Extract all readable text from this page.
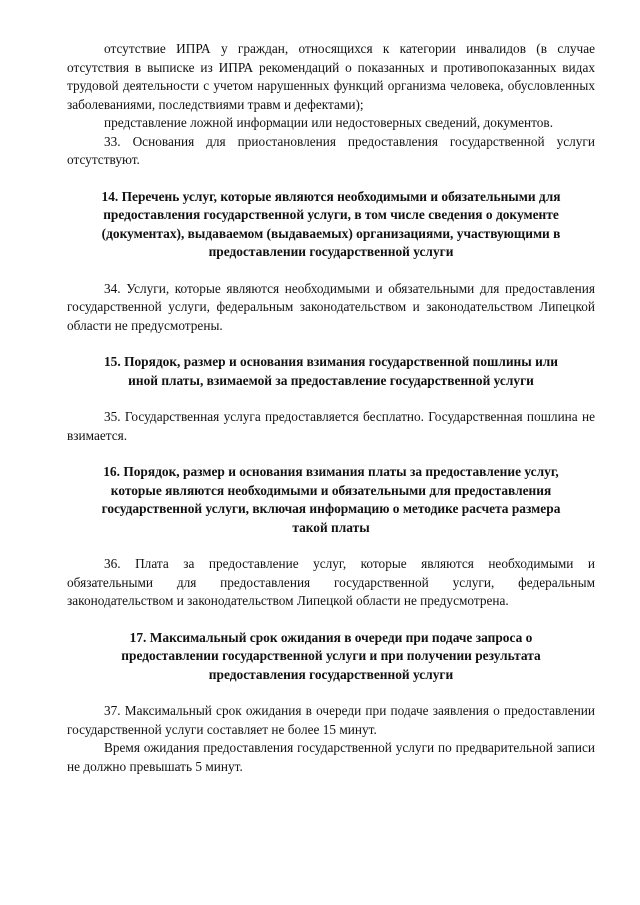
отсутствие ИПРА у граждан, относящихся к категории инвалидов (в случае отсутствия в выписке из ИПРА рекомендаций о показанных и противопоказанных видах трудовой деятельности с учетом нарушенных функций организма человека, обусловленных заболеваниями, последствиями травм и дефектами);

представление ложной информации или недостоверных сведений, документов.

33. Основания для приостановления предоставления государственной услуги отсутствуют.

14. Перечень услуг, которые являются необходимыми и обязательными для предоставления государственной услуги, в том числе сведения о документе (документах), выдаваемом (выдаваемых) организациями, участвующими в предоставлении государственной услуги

34. Услуги, которые являются необходимыми и обязательными для предоставления государственной услуги, федеральным законодательством и законодательством Липецкой области не предусмотрены.

15. Порядок, размер и основания взимания государственной пошлины или иной платы, взимаемой за предоставление государственной услуги

35. Государственная услуга предоставляется бесплатно. Государственная пошлина не взимается.

16. Порядок, размер и основания взимания платы за предоставление услуг, которые являются необходимыми и обязательными для предоставления государственной услуги, включая информацию о методике расчета размера такой платы

36. Плата за предоставление услуг, которые являются необходимыми и обязательными для предоставления государственной услуги, федеральным законодательством и законодательством Липецкой области не предусмотрена.

17. Максимальный срок ожидания в очереди при подаче запроса о предоставлении государственной услуги и при получении результата предоставления государственной услуги

37. Максимальный срок ожидания в очереди при подаче заявления о предоставлении государственной услуги составляет не более 15 минут.

Время ожидания предоставления государственной услуги по предварительной записи не должно превышать 5 минут.
